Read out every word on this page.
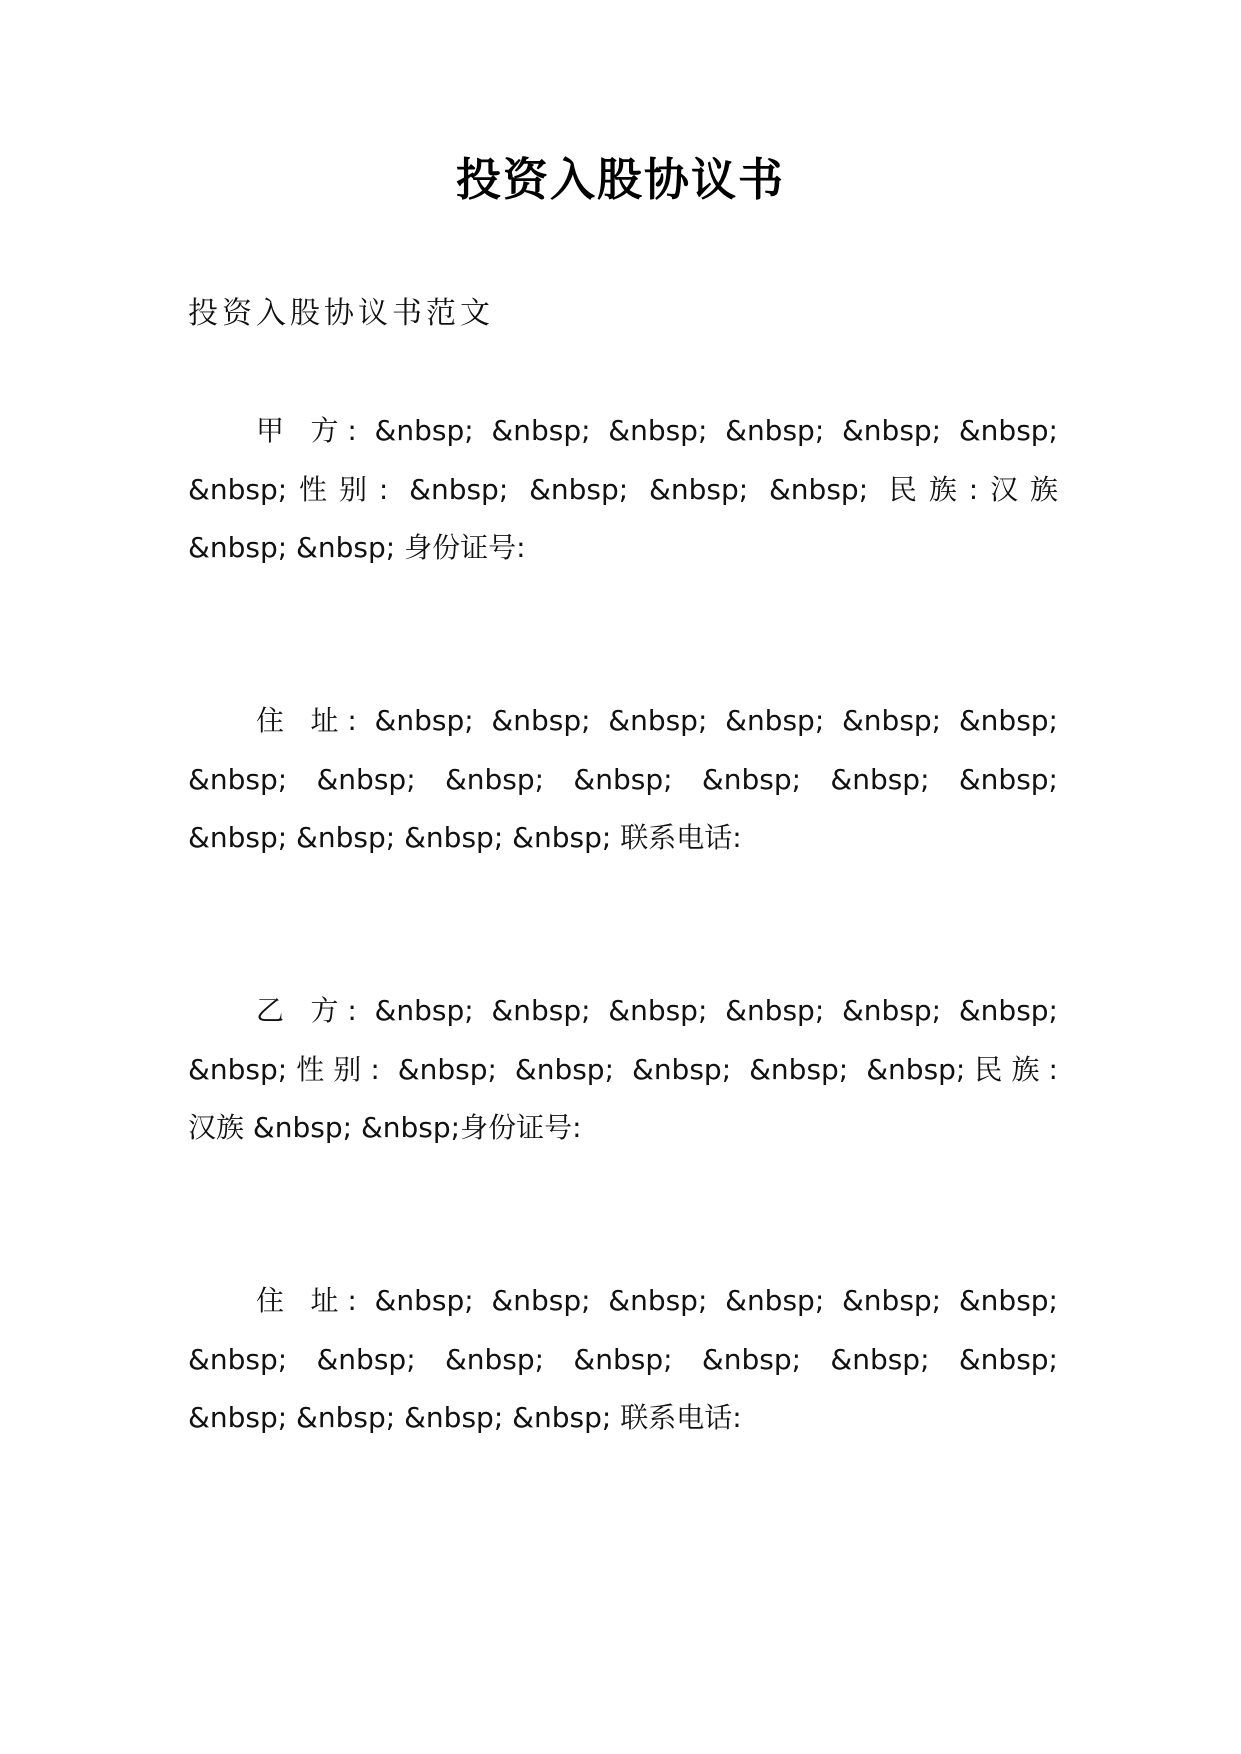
投资入股协议书
投资入股协议书范文
甲 方: &nbsp; &nbsp; &nbsp; &nbsp; &nbsp; &nbsp;
&nbsp;性别: &nbsp; &nbsp; &nbsp; &nbsp; 民族:汉族
&nbsp; &nbsp; 身份证号:
住 址: &nbsp; &nbsp; &nbsp; &nbsp; &nbsp; &nbsp;
&nbsp; &nbsp; &nbsp; &nbsp; &nbsp; &nbsp; &nbsp;
&nbsp; &nbsp; &nbsp; &nbsp; 联系电话:
乙 方: &nbsp; &nbsp; &nbsp; &nbsp; &nbsp; &nbsp;
&nbsp;性别: &nbsp; &nbsp; &nbsp; &nbsp; &nbsp;民族:
汉族 &nbsp; &nbsp;身份证号:
住 址: &nbsp; &nbsp; &nbsp; &nbsp; &nbsp; &nbsp;
&nbsp; &nbsp; &nbsp; &nbsp; &nbsp; &nbsp; &nbsp;
&nbsp; &nbsp; &nbsp; &nbsp; 联系电话:
